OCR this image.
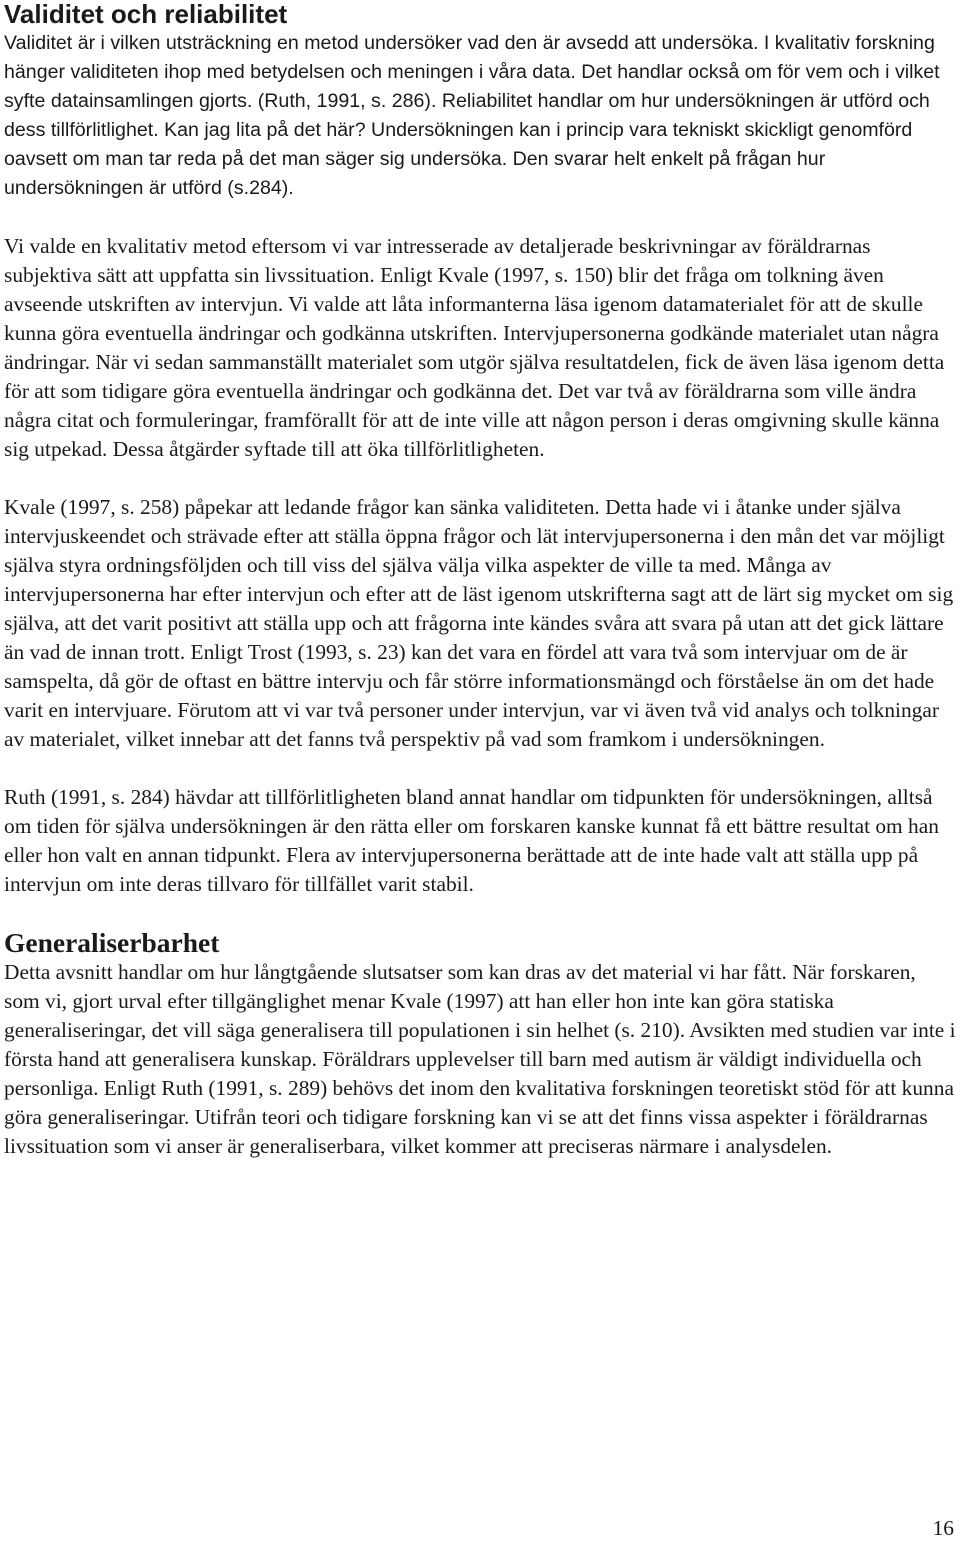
Validitet och reliabilitet

Validitet är i vilken utsträckning en metod undersöker vad den är avsedd att undersöka. I kvalitativ forskning hänger validiteten ihop med betydelsen och meningen i våra data. Det handlar också om för vem och i vilket syfte datainsamlingen gjorts. (Ruth, 1991, s. 286). Reliabilitet handlar om hur undersökningen är utförd och dess tillförlitlighet. Kan jag lita på det här? Undersökningen kan i princip vara tekniskt skickligt genomförd oavsett om man tar reda på det man säger sig undersöka. Den svarar helt enkelt på frågan hur undersökningen är utförd (s.284).

Vi valde en kvalitativ metod eftersom vi var intresserade av detaljerade beskrivningar av föräldrarnas subjektiva sätt att uppfatta sin livssituation. Enligt Kvale (1997, s. 150) blir det fråga om tolkning även avseende utskriften av intervjun. Vi valde att låta informanterna läsa igenom datamaterialet för att de skulle kunna göra eventuella ändringar och godkänna utskriften. Intervjupersonerna godkände materialet utan några ändringar. När vi sedan sammanställt materialet som utgör själva resultatdelen, fick de även läsa igenom detta för att som tidigare göra eventuella ändringar och godkänna det. Det var två av föräldrarna som ville ändra några citat och formuleringar, framförallt för att de inte ville att någon person i deras omgivning skulle känna sig utpekad. Dessa åtgärder syftade till att öka tillförlitligheten.

Kvale (1997, s. 258) påpekar att ledande frågor kan sänka validiteten. Detta hade vi i åtanke under själva intervjuskeendet och strävade efter att ställa öppna frågor och lät intervjupersonerna i den mån det var möjligt själva styra ordningsföljden och till viss del själva välja vilka aspekter de ville ta med. Många av intervjupersonerna har efter intervjun och efter att de läst igenom utskrifterna sagt att de lärt sig mycket om sig själva, att det varit positivt att ställa upp och att frågorna inte kändes svåra att svara på utan att det gick lättare än vad de innan trott. Enligt Trost (1993, s. 23) kan det vara en fördel att vara två som intervjuar om de är samspelta, då gör de oftast en bättre intervju och får större informationsmängd och förståelse än om det hade varit en intervjuare. Förutom att vi var två personer under intervjun, var vi även två vid analys och tolkningar av materialet, vilket innebar att det fanns två perspektiv på vad som framkom i undersökningen.

Ruth (1991, s. 284) hävdar att tillförlitligheten bland annat handlar om tidpunkten för undersökningen, alltså om tiden för själva undersökningen är den rätta eller om forskaren kanske kunnat få ett bättre resultat om han eller hon valt en annan tidpunkt. Flera av intervjupersonerna berättade att de inte hade valt att ställa upp på intervjun om inte deras tillvaro för tillfället varit stabil.

Generaliserbarhet

Detta avsnitt handlar om hur långtgående slutsatser som kan dras av det material vi har fått. När forskaren, som vi, gjort urval efter tillgänglighet menar Kvale (1997) att han eller hon inte kan göra statiska generaliseringar, det vill säga generalisera till populationen i sin helhet (s. 210). Avsikten med studien var inte i första hand att generalisera kunskap. Föräldrars upplevelser till barn med autism är väldigt individuella och personliga. Enligt Ruth (1991, s. 289) behövs det inom den kvalitativa forskningen teoretiskt stöd för att kunna göra generaliseringar. Utifrån teori och tidigare forskning kan vi se att det finns vissa aspekter i föräldrarnas livssituation som vi anser är generaliserbara, vilket kommer att preciseras närmare i analysdelen.

16
